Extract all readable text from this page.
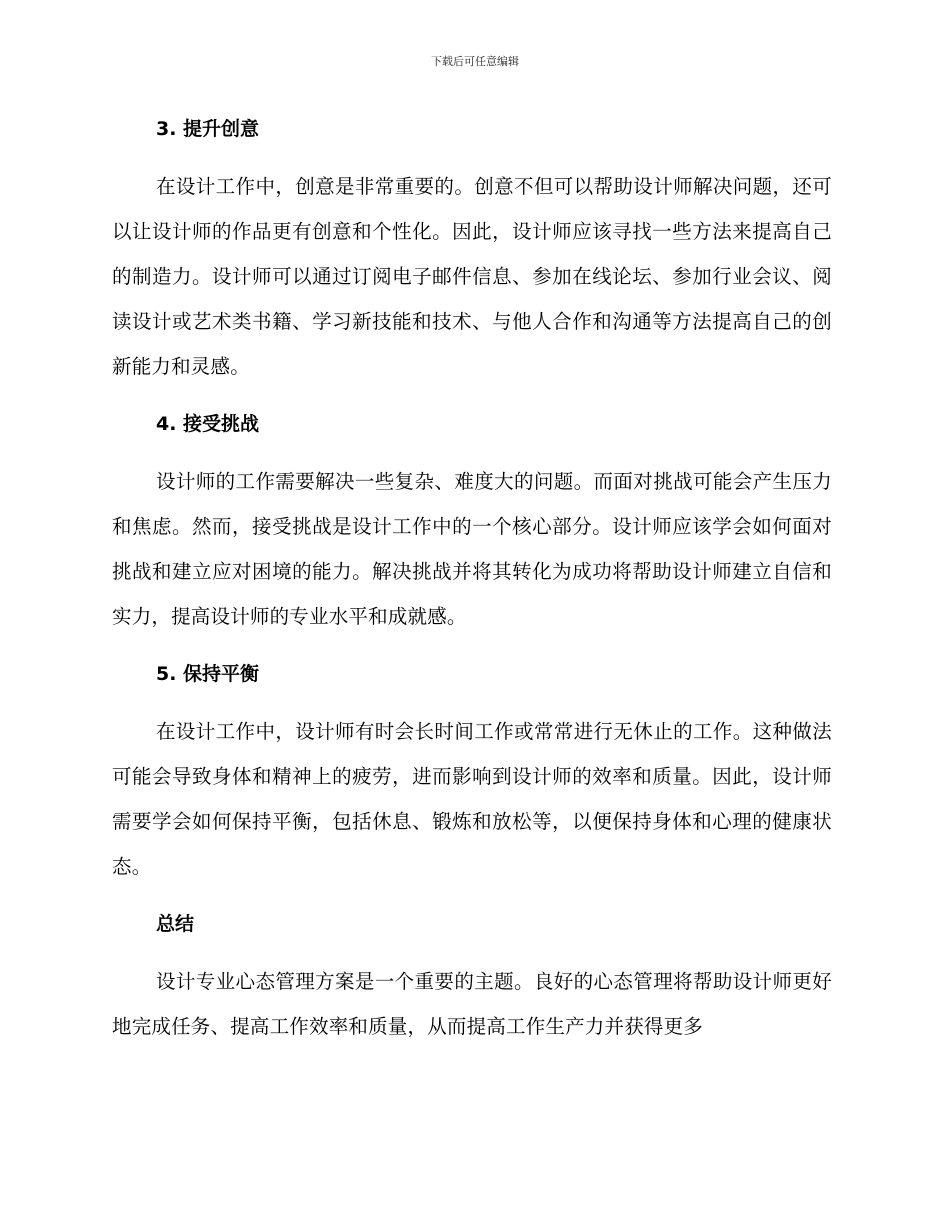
下载后可任意编辑
3. 提升创意

在设计工作中，创意是非常重要的。创意不但可以帮助设计师解决问题，还可以让设计师的作品更有创意和个性化。因此，设计师应该寻找一些方法来提高自己的制造力。设计师可以通过订阅电子邮件信息、参加在线论坛、参加行业会议、阅读设计或艺术类书籍、学习新技能和技术、与他人合作和沟通等方法提高自己的创新能力和灵感。

4. 接受挑战

设计师的工作需要解决一些复杂、难度大的问题。而面对挑战可能会产生压力和焦虑。然而，接受挑战是设计工作中的一个核心部分。设计师应该学会如何面对挑战和建立应对困境的能力。解决挑战并将其转化为成功将帮助设计师建立自信和实力，提高设计师的专业水平和成就感。

5. 保持平衡

在设计工作中，设计师有时会长时间工作或常常进行无休止的工作。这种做法可能会导致身体和精神上的疲劳，进而影响到设计师的效率和质量。因此，设计师需要学会如何保持平衡，包括休息、锻炼和放松等，以便保持身体和心理的健康状态。

总结

设计专业心态管理方案是一个重要的主题。良好的心态管理将帮助设计师更好地完成任务、提高工作效率和质量，从而提高工作生产力并获得更多
